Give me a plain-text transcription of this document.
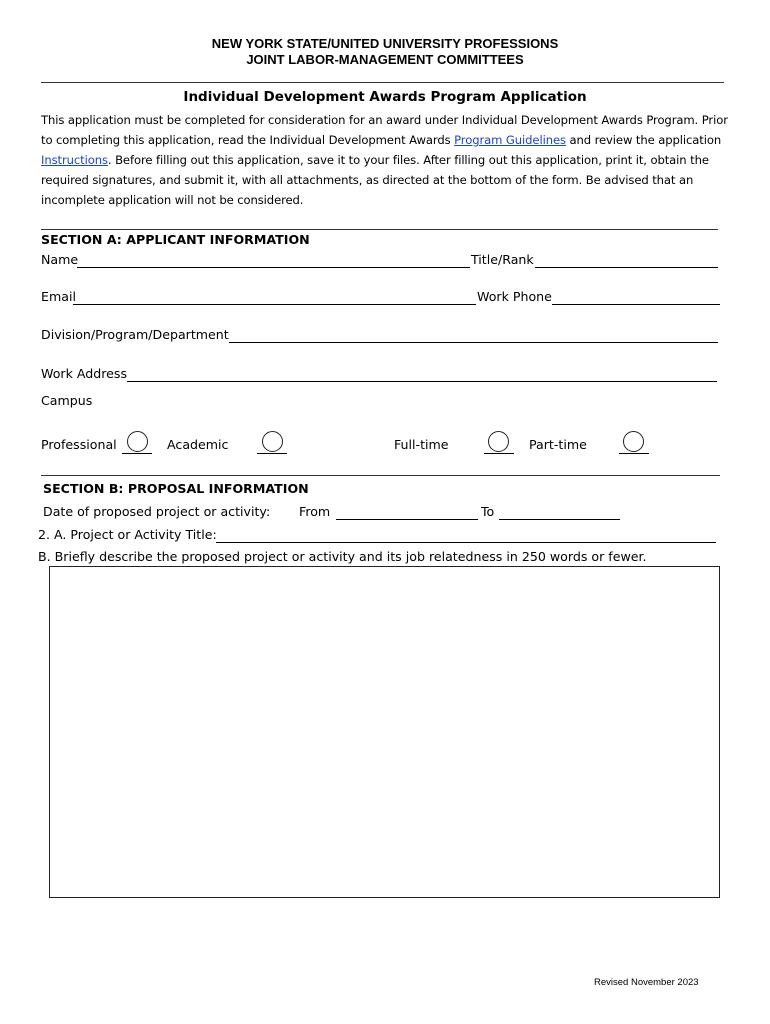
NEW YORK STATE/UNITED UNIVERSITY PROFESSIONS
JOINT LABOR-MANAGEMENT COMMITTEES
Individual Development Awards Program Application
This application must be completed for consideration for an award under Individual Development Awards Program. Prior
to completing this application, read the Individual Development Awards Program Guidelines and review the application
Instructions. Before filling out this application, save it to your files. After filling out this application, print it, obtain the
required signatures, and submit it, with all attachments, as directed at the bottom of the form. Be advised that an
incomplete application will not be considered.
SECTION A: APPLICANT INFORMATION
Name	Title/Rank
Email	Work Phone
Division/Program/Department
Work Address
Campus
Professional	Academic	Full-time	Part-time
SECTION B: PROPOSAL INFORMATION
Date of proposed project or activity: From	To
2. A. Project or Activity Title:
B. Briefly describe the proposed project or activity and its job relatedness in 250 words or fewer.
Revised November 2023
